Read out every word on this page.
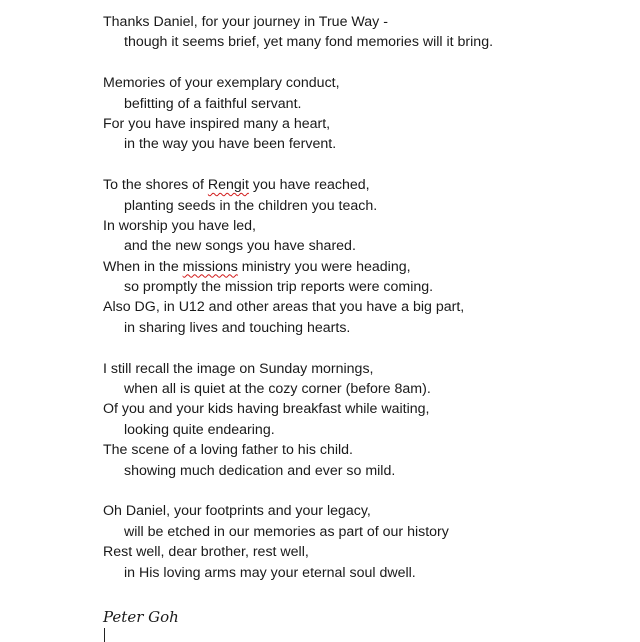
Thanks Daniel, for your journey in True Way -
though it seems brief, yet many fond memories will it bring.
Memories of your exemplary conduct,
befitting of a faithful servant.
For you have inspired many a heart,
in the way you have been fervent.
To the shores of Rengit you have reached,
planting seeds in the children you teach.
In worship you have led,
and the new songs you have shared.
When in the missions ministry you were heading,
so promptly the mission trip reports were coming.
Also DG, in U12 and other areas that you have a big part,
in sharing lives and touching hearts.
I still recall the image on Sunday mornings,
when all is quiet at the cozy corner (before 8am).
Of you and your kids having breakfast while waiting,
looking quite endearing.
The scene of a loving father to his child.
showing much dedication and ever so mild.
Oh Daniel, your footprints and your legacy,
will be etched in our memories as part of our history
Rest well, dear brother, rest well,
in His loving arms may your eternal soul dwell.
Peter Goh
